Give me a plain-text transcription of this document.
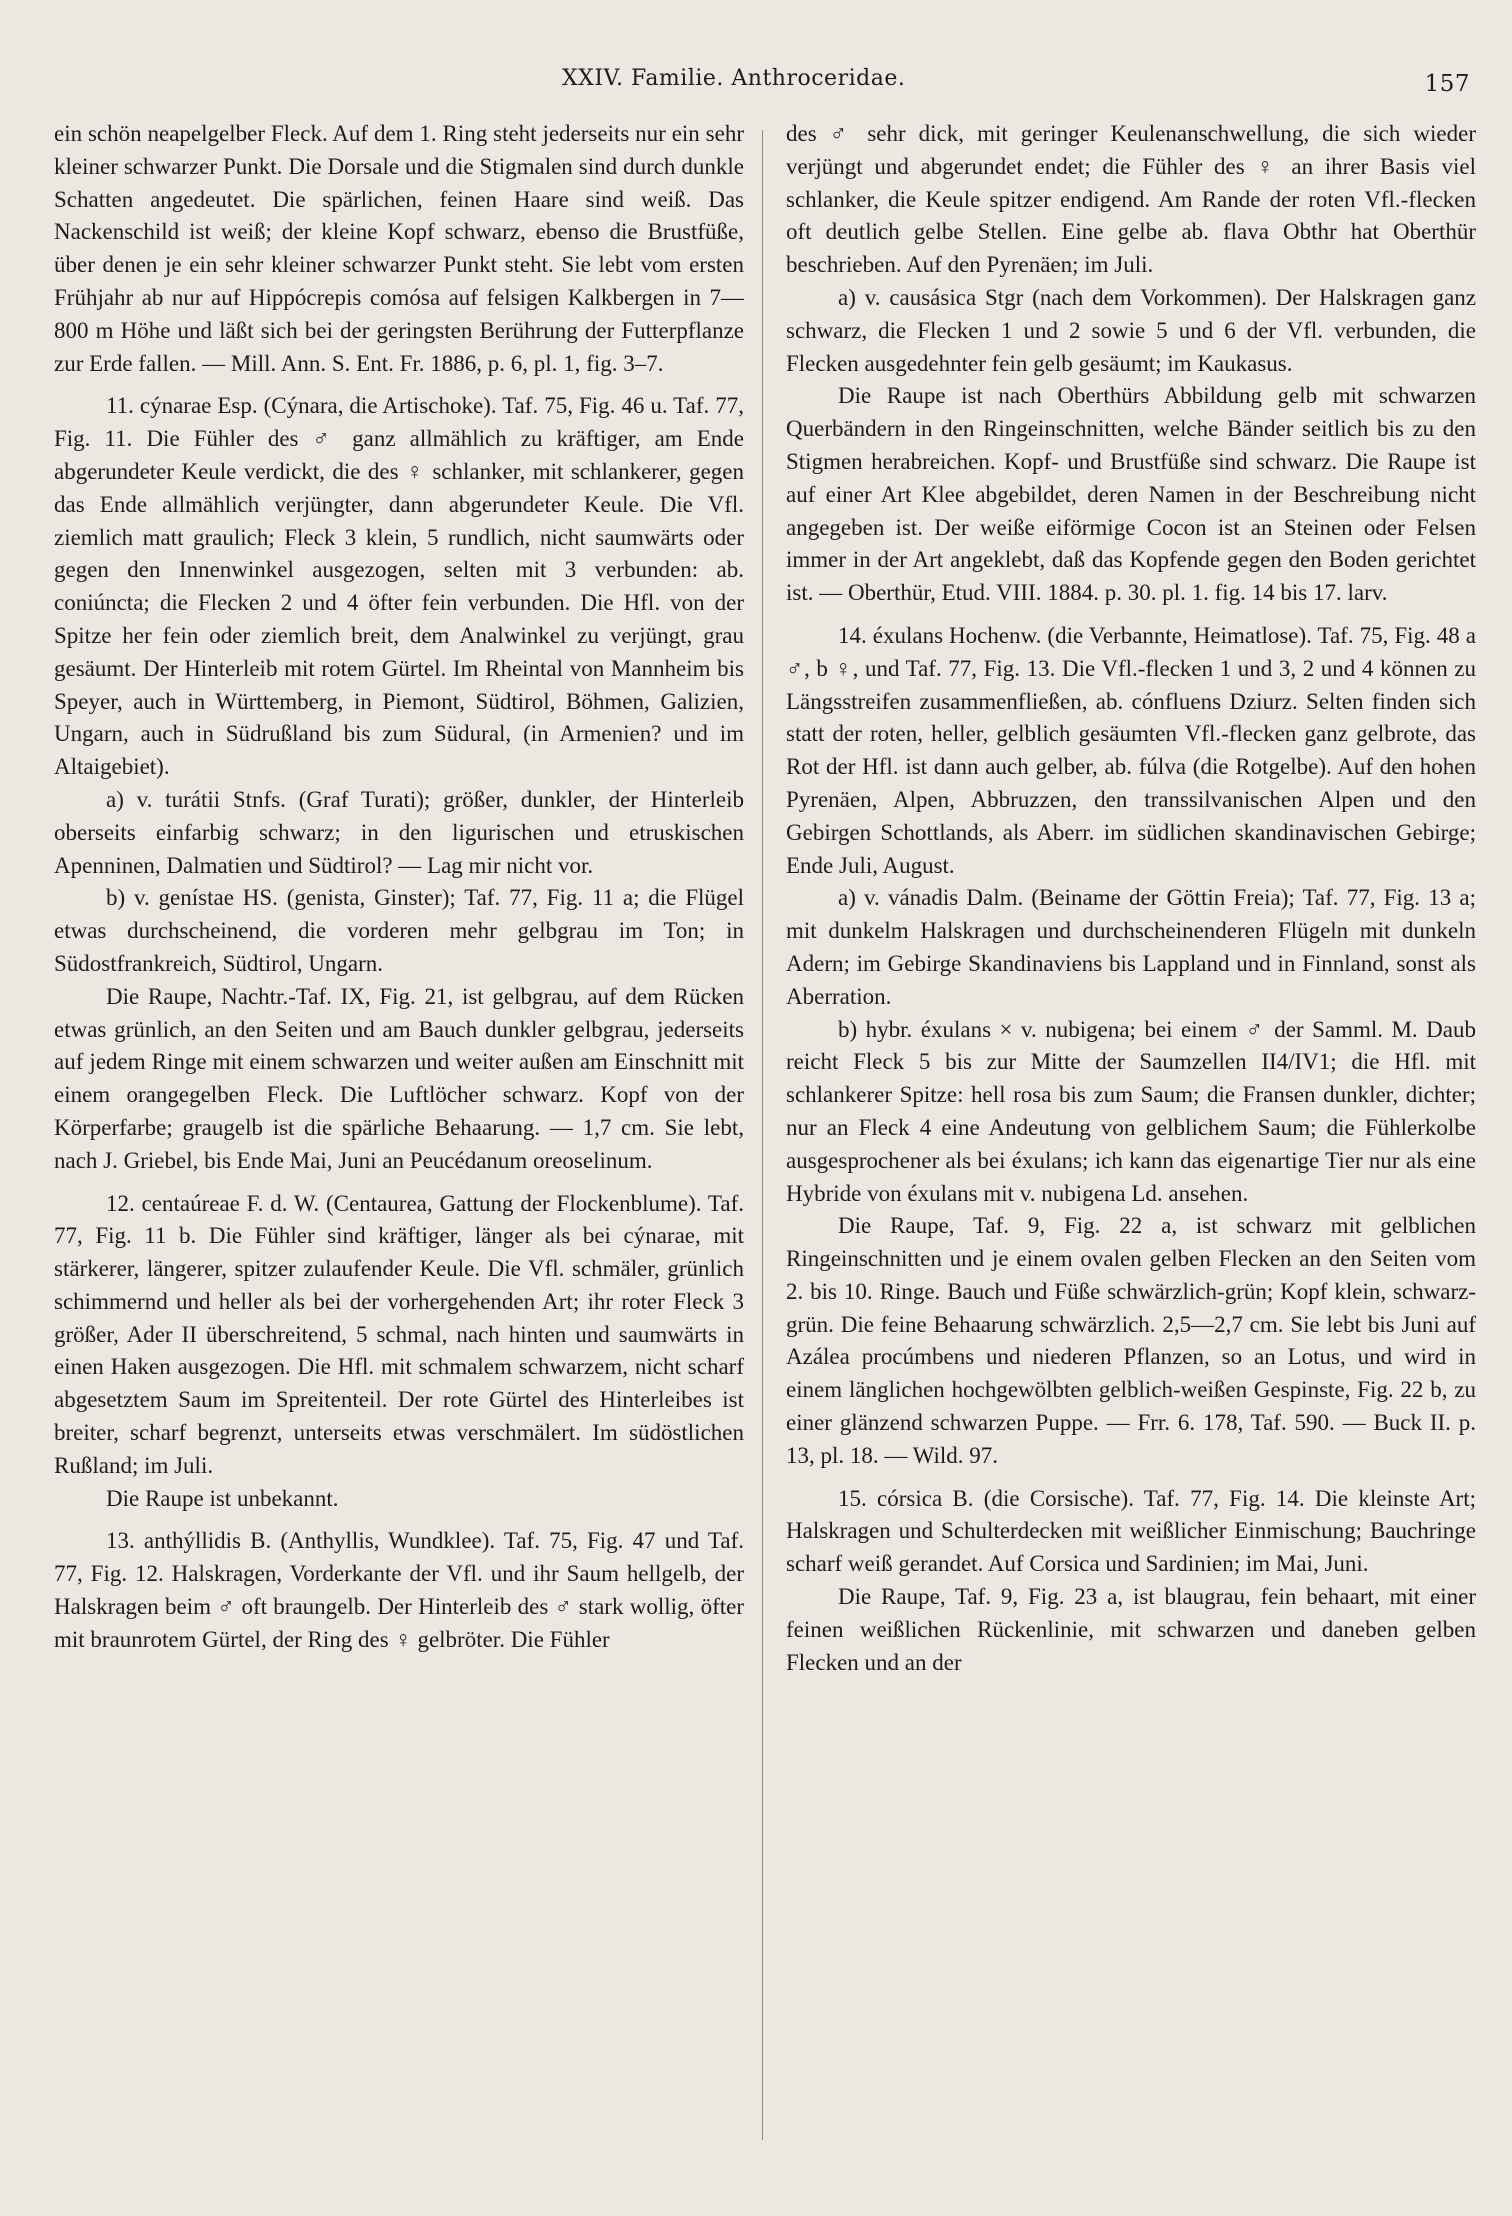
XXIV. Familie. Anthroceridae.	157

ein schön neapelgelber Fleck. Auf dem 1. Ring steht jederseits nur ein sehr kleiner schwarzer Punkt. Die Dorsale und die Stigmalen sind durch dunkle Schatten angedeutet. Die spärlichen, feinen Haare sind weiß. Das Nackenschild ist weiß; der kleine Kopf schwarz, ebenso die Brustfüße, über denen je ein sehr kleiner schwarzer Punkt steht. Sie lebt vom ersten Frühjahr ab nur auf Hippócrepis comósa auf felsigen Kalkbergen in 7—800 m Höhe und läßt sich bei der geringsten Berührung der Futterpflanze zur Erde fallen. — Mill. Ann. S. Ent. Fr. 1886, p. 6, pl. 1, fig. 3–7.

11. cýnarae Esp. (Cýnara, die Artischoke). Taf. 75, Fig. 46 u. Taf. 77, Fig. 11. Die Fühler des ♂ ganz allmählich zu kräftiger, am Ende abgerundeter Keule verdickt, die des ♀ schlanker, mit schlankerer, gegen das Ende allmählich verjüngter, dann abgerundeter Keule. Die Vfl. ziemlich matt graulich; Fleck 3 klein, 5 rundlich, nicht saumwärts oder gegen den Innenwinkel ausgezogen, selten mit 3 verbunden: ab. coniúncta; die Flecken 2 und 4 öfter fein verbunden. Die Hfl. von der Spitze her fein oder ziemlich breit, dem Analwinkel zu verjüngt, grau gesäumt. Der Hinterleib mit rotem Gürtel. Im Rheintal von Mannheim bis Speyer, auch in Württemberg, in Piemont, Südtirol, Böhmen, Galizien, Ungarn, auch in Südrußland bis zum Südural, (in Armenien? und im Altaigebiet).

a) v. turátii Stnfs. (Graf Turati); größer, dunkler, der Hinterleib oberseits einfarbig schwarz; in den ligurischen und etruskischen Apenninen, Dalmatien und Südtirol? — Lag mir nicht vor.

b) v. genístae HS. (genista, Ginster); Taf. 77, Fig. 11 a; die Flügel etwas durchscheinend, die vorderen mehr gelbgrau im Ton; in Südostfrankreich, Südtirol, Ungarn.

Die Raupe, Nachtr.-Taf. IX, Fig. 21, ist gelbgrau, auf dem Rücken etwas grünlich, an den Seiten und am Bauch dunkler gelbgrau, jederseits auf jedem Ringe mit einem schwarzen und weiter außen am Einschnitt mit einem orangegelben Fleck. Die Luftlöcher schwarz. Kopf von der Körperfarbe; graugelb ist die spärliche Behaarung. — 1,7 cm. Sie lebt, nach J. Griebel, bis Ende Mai, Juni an Peucédanum oreoselinum.

12. centaúreae F. d. W. (Centaurea, Gattung der Flockenblume). Taf. 77, Fig. 11 b. Die Fühler sind kräftiger, länger als bei cýnarae, mit stärkerer, längerer, spitzer zulaufender Keule. Die Vfl. schmäler, grünlich schimmernd und heller als bei der vorhergehenden Art; ihr roter Fleck 3 größer, Ader II überschreitend, 5 schmal, nach hinten und saumwärts in einen Haken ausgezogen. Die Hfl. mit schmalem schwarzem, nicht scharf abgesetztem Saum im Spreitenteil. Der rote Gürtel des Hinterleibes ist breiter, scharf begrenzt, unterseits etwas verschmälert. Im südöstlichen Rußland; im Juli.

Die Raupe ist unbekannt.

13. anthýllidis B. (Anthyllis, Wundklee). Taf. 75, Fig. 47 und Taf. 77, Fig. 12. Halskragen, Vorderkante der Vfl. und ihr Saum hellgelb, der Halskragen beim ♂ oft braungelb. Der Hinterleib des ♂ stark wollig, öfter mit braunrotem Gürtel, der Ring des ♀ gelbröter. Die Fühler

des ♂ sehr dick, mit geringer Keulenanschwellung, die sich wieder verjüngt und abgerundet endet; die Fühler des ♀ an ihrer Basis viel schlanker, die Keule spitzer endigend. Am Rande der roten Vfl.-flecken oft deutlich gelbe Stellen. Eine gelbe ab. flava Obthr hat Oberthür beschrieben. Auf den Pyrenäen; im Juli.

a) v. causásica Stgr (nach dem Vorkommen). Der Halskragen ganz schwarz, die Flecken 1 und 2 sowie 5 und 6 der Vfl. verbunden, die Flecken ausgedehnter fein gelb gesäumt; im Kaukasus.

Die Raupe ist nach Oberthürs Abbildung gelb mit schwarzen Querbändern in den Ringeinschnitten, welche Bänder seitlich bis zu den Stigmen herabreichen. Kopf- und Brustfüße sind schwarz. Die Raupe ist auf einer Art Klee abgebildet, deren Namen in der Beschreibung nicht angegeben ist. Der weiße eiförmige Cocon ist an Steinen oder Felsen immer in der Art angeklebt, daß das Kopfende gegen den Boden gerichtet ist. — Oberthür, Etud. VIII. 1884. p. 30. pl. 1. fig. 14 bis 17. larv.

14. éxulans Hochenw. (die Verbannte, Heimatlose). Taf. 75, Fig. 48 a ♂, b ♀, und Taf. 77, Fig. 13. Die Vfl.-flecken 1 und 3, 2 und 4 können zu Längsstreifen zusammenfließen, ab. cónfluens Dziurz. Selten finden sich statt der roten, heller, gelblich gesäumten Vfl.-flecken ganz gelbrote, das Rot der Hfl. ist dann auch gelber, ab. fúlva (die Rotgelbe). Auf den hohen Pyrenäen, Alpen, Abbruzzen, den transsilvanischen Alpen und den Gebirgen Schottlands, als Aberr. im südlichen skandinavischen Gebirge; Ende Juli, August.

a) v. vánadis Dalm. (Beiname der Göttin Freia); Taf. 77, Fig. 13 a; mit dunkelm Halskragen und durchscheinenderen Flügeln mit dunkeln Adern; im Gebirge Skandinaviens bis Lappland und in Finnland, sonst als Aberration.

b) hybr. éxulans × v. nubigena; bei einem ♂ der Samml. M. Daub reicht Fleck 5 bis zur Mitte der Saumzellen II4/IV1; die Hfl. mit schlankerer Spitze: hell rosa bis zum Saum; die Fransen dunkler, dichter; nur an Fleck 4 eine Andeutung von gelblichem Saum; die Fühlerkolbe ausgesprochener als bei éxulans; ich kann das eigenartige Tier nur als eine Hybride von éxulans mit v. nubigena Ld. ansehen.

Die Raupe, Taf. 9, Fig. 22 a, ist schwarz mit gelblichen Ringeinschnitten und je einem ovalen gelben Flecken an den Seiten vom 2. bis 10. Ringe. Bauch und Füße schwärzlich-grün; Kopf klein, schwarz-grün. Die feine Behaarung schwärzlich. 2,5—2,7 cm. Sie lebt bis Juni auf Azálea procúmbens und niederen Pflanzen, so an Lotus, und wird in einem länglichen hochgewölbten gelblich-weißen Gespinste, Fig. 22 b, zu einer glänzend schwarzen Puppe. — Frr. 6. 178, Taf. 590. — Buck II. p. 13, pl. 18. — Wild. 97.

15. córsica B. (die Corsische). Taf. 77, Fig. 14. Die kleinste Art; Halskragen und Schulterdecken mit weißlicher Einmischung; Bauchringe scharf weiß gerandet. Auf Corsica und Sardinien; im Mai, Juni.

Die Raupe, Taf. 9, Fig. 23 a, ist blaugrau, fein behaart, mit einer feinen weißlichen Rückenlinie, mit schwarzen und daneben gelben Flecken und an der
